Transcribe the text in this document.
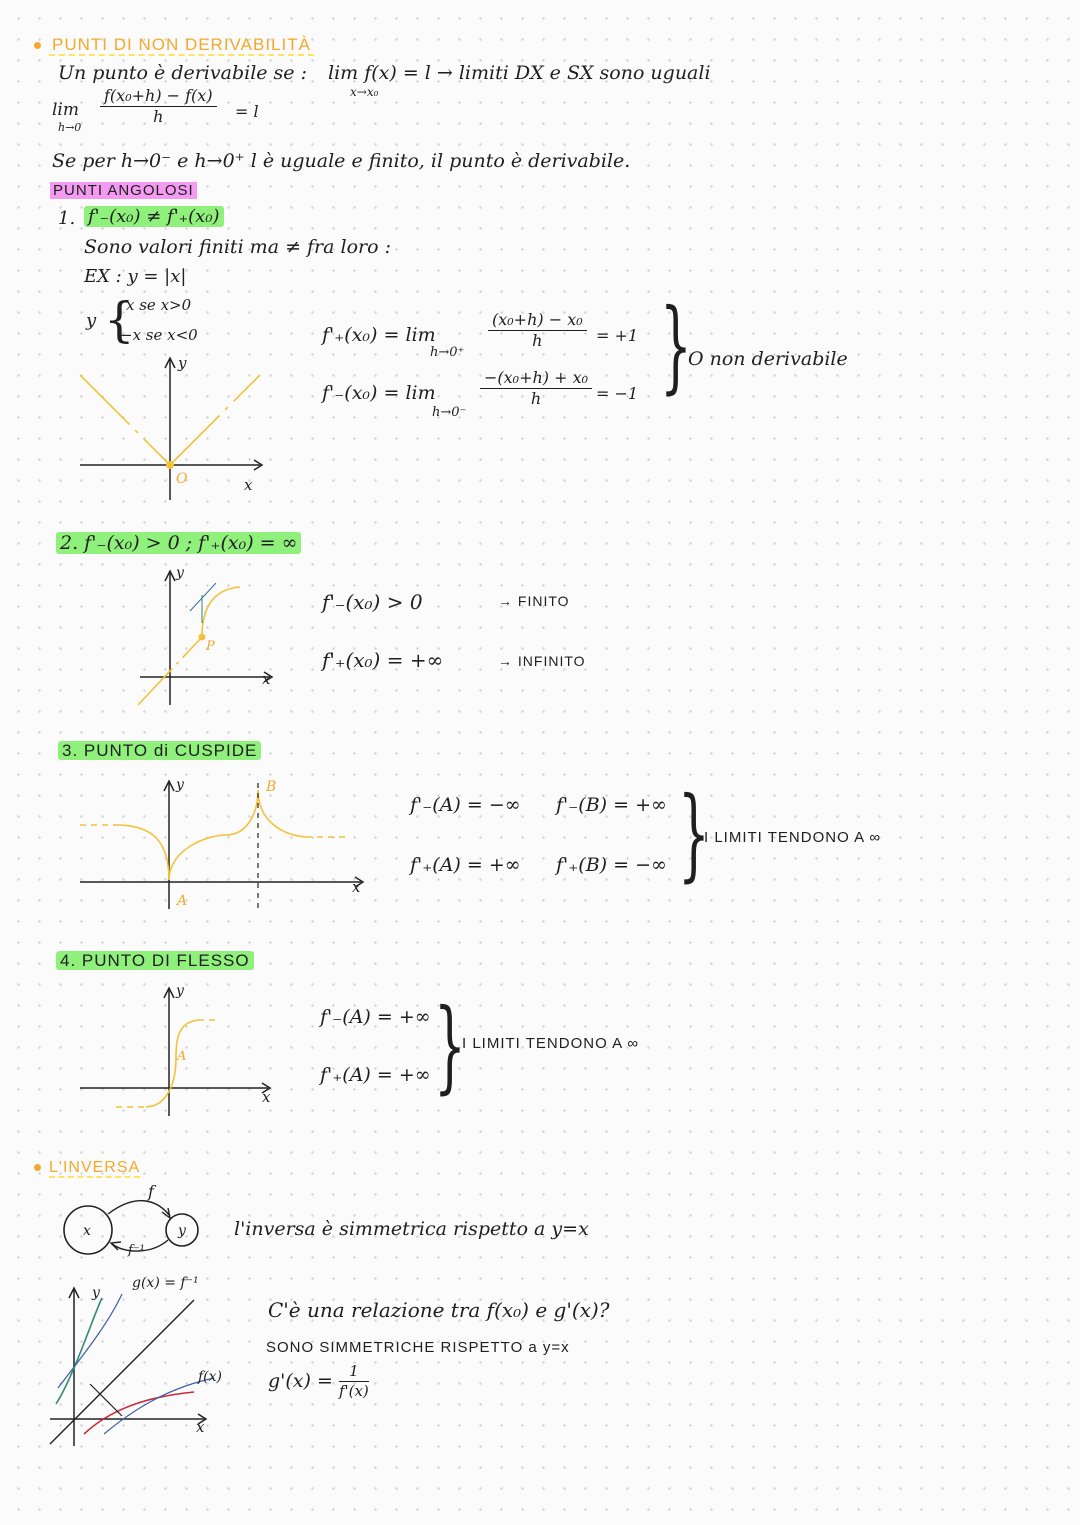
PUNTI DI NON DERIVABILITÀ
Un punto è derivabile se : lim f(x) = l → limiti DX e SX sono uguali
x→x₀
lim
h→0
$\frac{\text{f(x₀+h) − f(x)}}{h} = l$
Se per h→0⁻ e h→0⁺ l è uguale e finito, il punto è derivabile.
PUNTI ANGOLOSI
1. f'₋(x₀) ≠ f'₊(x₀)
Sono valori finiti ma ≠ fra loro :
EX : y = |x|
y {
x se x>0
−x se x<0
y
x
O
f'₊(x₀) = lim
h→0⁺
$\frac{\text{(x₀+h) − x₀}}{h} = +1$
f'₋(x₀) = lim
h→0⁻
$\frac{\text{−(x₀+h) + x₀}}{h} = -1$ }
O non derivabile
2. f'₋(x₀) > 0 ; f'₊(x₀) = ∞
y
x
P
f'₋(x₀) > 0	→ FINITO
f'₊(x₀) = +∞	→ INFINITO
3. PUNTO di CUSPIDE
y
x
A
B
f'₋(A) = −∞
f'₊(A) = +∞
f'₋(B) = +∞
f'₊(B) = −∞ }
I LIMITI TENDONO A ∞
4. PUNTO DI FLESSO
y
x
A
f'₋(A) = +∞
f'₊(A) = +∞ }
I LIMITI TENDONO A ∞
L'INVERSA
x	y
f
f⁻¹
l'inversa è simmetrica rispetto a y=x
y
x
g(x) = f⁻¹
f(x)
C'è una relazione tra f(x₀) e g'(x)?
SONO SIMMETRICHE RISPETTO a y=x
$g'(x) = \frac{1}{f'(x)}$
